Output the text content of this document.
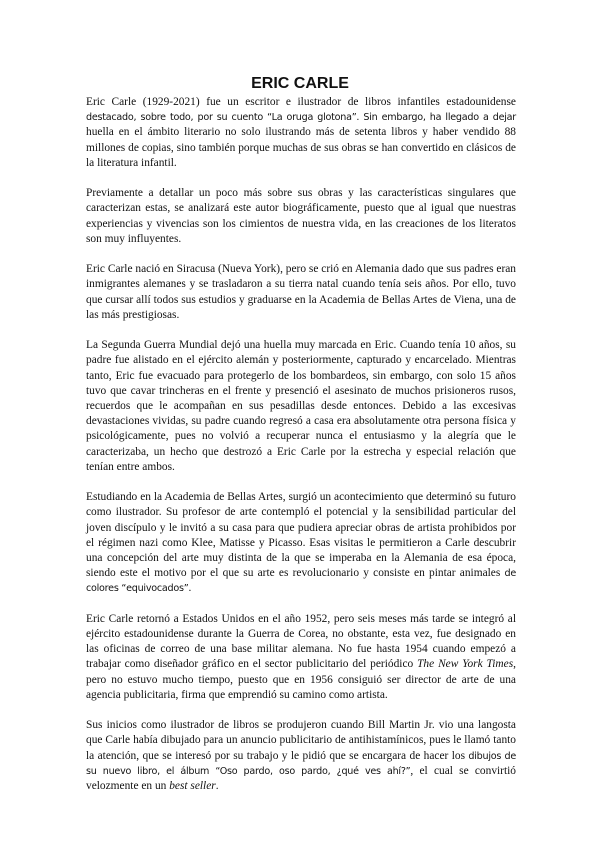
ERIC CARLE

Eric Carle (1929-2021) fue un escritor e ilustrador de libros infantiles estadounidense destacado, sobre todo, por su cuento “La oruga glotona”. Sin embargo, ha llegado a dejar huella en el ámbito literario no solo ilustrando más de setenta libros y haber vendido 88 millones de copias, sino también porque muchas de sus obras se han convertido en clásicos de la literatura infantil.

Previamente a detallar un poco más sobre sus obras y las características singulares que caracterizan estas, se analizará este autor biográficamente, puesto que al igual que nuestras experiencias y vivencias son los cimientos de nuestra vida, en las creaciones de los literatos son muy influyentes.

Eric Carle nació en Siracusa (Nueva York), pero se crió en Alemania dado que sus padres eran inmigrantes alemanes y se trasladaron a su tierra natal cuando tenía seis años. Por ello, tuvo que cursar allí todos sus estudios y graduarse en la Academia de Bellas Artes de Viena, una de las más prestigiosas.

La Segunda Guerra Mundial dejó una huella muy marcada en Eric. Cuando tenía 10 años, su padre fue alistado en el ejército alemán y posteriormente, capturado y encarcelado. Mientras tanto, Eric fue evacuado para protegerlo de los bombardeos, sin embargo, con solo 15 años tuvo que cavar trincheras en el frente y presenció el asesinato de muchos prisioneros rusos, recuerdos que le acompañan en sus pesadillas desde entonces. Debido a las excesivas devastaciones vividas, su padre cuando regresó a casa era absolutamente otra persona física y psicológicamente, pues no volvió a recuperar nunca el entusiasmo y la alegría que le caracterizaba, un hecho que destrozó a Eric Carle por la estrecha y especial relación que tenían entre ambos.

Estudiando en la Academia de Bellas Artes, surgió un acontecimiento que determinó su futuro como ilustrador. Su profesor de arte contempló el potencial y la sensibilidad particular del joven discípulo y le invitó a su casa para que pudiera apreciar obras de artista prohibidos por el régimen nazi como Klee, Matisse y Picasso. Esas visitas le permitieron a Carle descubrir una concepción del arte muy distinta de la que se imperaba en la Alemania de esa época, siendo este el motivo por el que su arte es revolucionario y consiste en pintar animales de colores “equivocados”.

Eric Carle retornó a Estados Unidos en el año 1952, pero seis meses más tarde se integró al ejército estadounidense durante la Guerra de Corea, no obstante, esta vez, fue designado en las oficinas de correo de una base militar alemana. No fue hasta 1954 cuando empezó a trabajar como diseñador gráfico en el sector publicitario del periódico The New York Times, pero no estuvo mucho tiempo, puesto que en 1956 consiguió ser director de arte de una agencia publicitaria, firma que emprendió su camino como artista.

Sus inicios como ilustrador de libros se produjeron cuando Bill Martin Jr. vio una langosta que Carle había dibujado para un anuncio publicitario de antihistamínicos, pues le llamó tanto la atención, que se interesó por su trabajo y le pidió que se encargara de hacer los dibujos de su nuevo libro, el álbum “Oso pardo, oso pardo, ¿qué ves ahí?”, el cual se convirtió velozmente en un best seller.
